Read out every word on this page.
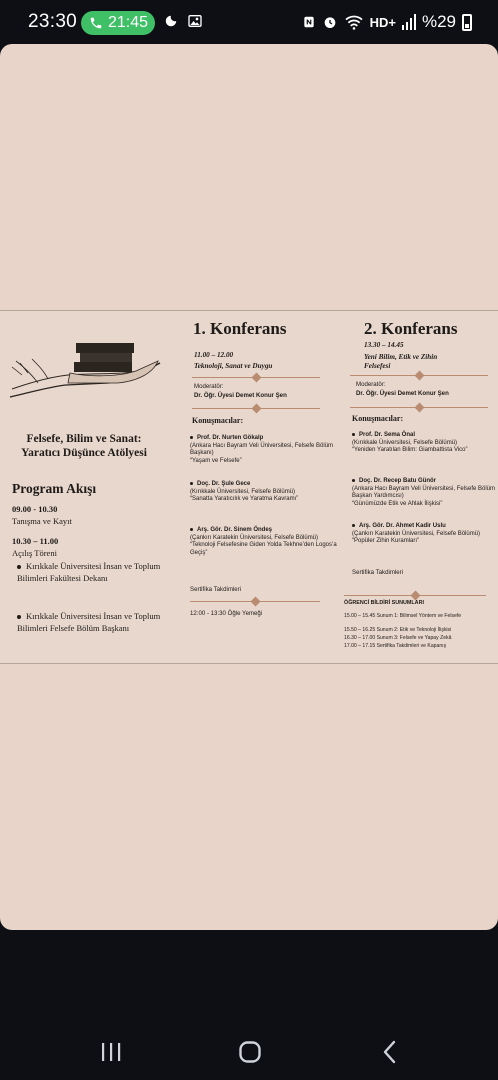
23:30 21:45	HD+ %29
Felsefe, Bilim ve Sanat: Yaratıcı Düşünce Atölyesi
Program Akışı
09.00 - 10.30
Tanışma ve Kayıt
10.30 – 11.00
Açılış Töreni
Kırıkkale Üniversitesi İnsan ve Toplum Bilimleri Fakültesi Dekanı
Kırıkkale Üniversitesi İnsan ve Toplum Bilimleri Felsefe Bölüm Başkanı
1. Konferans
11.00 – 12.00
Teknoloji, Sanat ve Duygu
Moderatör:
Dr. Öğr. Üyesi Demet Konur Şen
Konuşmacılar:
Prof. Dr. Nurten Gökalp
(Ankara Hacı Bayram Veli Üniversitesi, Felsefe Bölüm Başkanı)
“Yaşam ve Felsefe”
Doç. Dr. Şule Gece
(Kırıkkale Üniversitesi, Felsefe Bölümü)
“Sanatta Yaratıcılık ve Yaratma Kavramı”
Arş. Gör. Dr. Sinem Öndeş
(Çankırı Karatekin Üniversitesi, Felsefe Bölümü)
“Teknoloji Felsefesine Giden Yolda Tekhne’den Logos’a Geçiş”
Sertifika Takdimleri
12:00 - 13:30 Öğle Yemeği
2. Konferans
13.30 – 14.45
Yeni Bilim, Etik ve Zihin Felsefesi
Moderatör:
Dr. Öğr. Üyesi Demet Konur Şen
Konuşmacılar:
Prof. Dr. Sema Önal
(Kırıkkale Üniversitesi, Felsefe Bölümü)
“Yeniden Yaratılan Bilim: Giambattista Vico”
Doç. Dr. Recep Batu Günör
(Ankara Hacı Bayram Veli Üniversitesi, Felsefe Bölüm Başkan Yardımcısı)
“Günümüzde Etik ve Ahlak İlişkisi”
Arş. Gör. Dr. Ahmet Kadir Uslu
(Çankırı Karatekin Üniversitesi, Felsefe Bölümü)
“Popüler Zihin Kuramları”
Sertifika Takdimleri
ÖĞRENCİ BİLDİRİ SUNUMLARI
15.00 – 15.45 Sunum 1: Bilimsel Yöntem ve Felsefe
15.50 – 16.25 Sunum 2: Etik ve Teknoloji İlişkisi
16.30 – 17.00 Sunum 3: Felsefe ve Yapay Zekâ
17.00 – 17.15 Sertifika Takdimleri ve Kapanış
